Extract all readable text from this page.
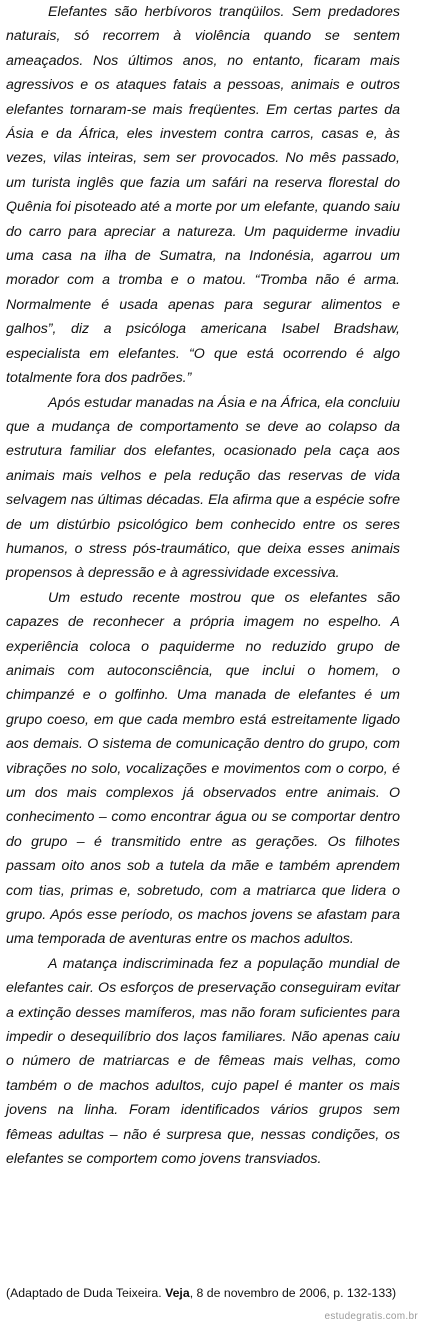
Elefantes são herbívoros tranqüilos. Sem predadores naturais, só recorrem à violência quando se sentem ameaçados. Nos últimos anos, no entanto, ficaram mais agressivos e os ataques fatais a pessoas, animais e outros elefantes tornaram-se mais freqüentes. Em certas partes da Ásia e da África, eles investem contra carros, casas e, às vezes, vilas inteiras, sem ser provocados. No mês passado, um turista inglês que fazia um safári na reserva florestal do Quênia foi pisoteado até a morte por um elefante, quando saiu do carro para apreciar a natureza. Um paquiderme invadiu uma casa na ilha de Sumatra, na Indonésia, agarrou um morador com a tromba e o matou. “Tromba não é arma. Normalmente é usada apenas para segurar alimentos e galhos”, diz a psicóloga americana Isabel Bradshaw, especialista em elefantes. “O que está ocorrendo é algo totalmente fora dos padrões.”

Após estudar manadas na Ásia e na África, ela concluiu que a mudança de comportamento se deve ao colapso da estrutura familiar dos elefantes, ocasionado pela caça aos animais mais velhos e pela redução das reservas de vida selvagem nas últimas décadas. Ela afirma que a espécie sofre de um distúrbio psicológico bem conhecido entre os seres humanos, o stress pós-traumático, que deixa esses animais propensos à depressão e à agressividade excessiva.

Um estudo recente mostrou que os elefantes são capazes de reconhecer a própria imagem no espelho. A experiência coloca o paquiderme no reduzido grupo de animais com autoconsciência, que inclui o homem, o chimpanzé e o golfinho. Uma manada de elefantes é um grupo coeso, em que cada membro está estreitamente ligado aos demais. O sistema de comunicação dentro do grupo, com vibrações no solo, vocalizações e movimentos com o corpo, é um dos mais complexos já observados entre animais. O conhecimento – como encontrar água ou se comportar dentro do grupo – é transmitido entre as gerações. Os filhotes passam oito anos sob a tutela da mãe e também aprendem com tias, primas e, sobretudo, com a matriarca que lidera o grupo. Após esse período, os machos jovens se afastam para uma temporada de aventuras entre os machos adultos.

A matança indiscriminada fez a população mundial de elefantes cair. Os esforços de preservação conseguiram evitar a extinção desses mamíferos, mas não foram suficientes para impedir o desequilíbrio dos laços familiares. Não apenas caiu o número de matriarcas e de fêmeas mais velhas, como também o de machos adultos, cujo papel é manter os mais jovens na linha. Foram identificados vários grupos sem fêmeas adultas – não é surpresa que, nessas condições, os elefantes se comportem como jovens transviados.

(Adaptado de Duda Teixeira. Veja, 8 de novembro de 2006, p. 132-133)
estudegratis.com.br
